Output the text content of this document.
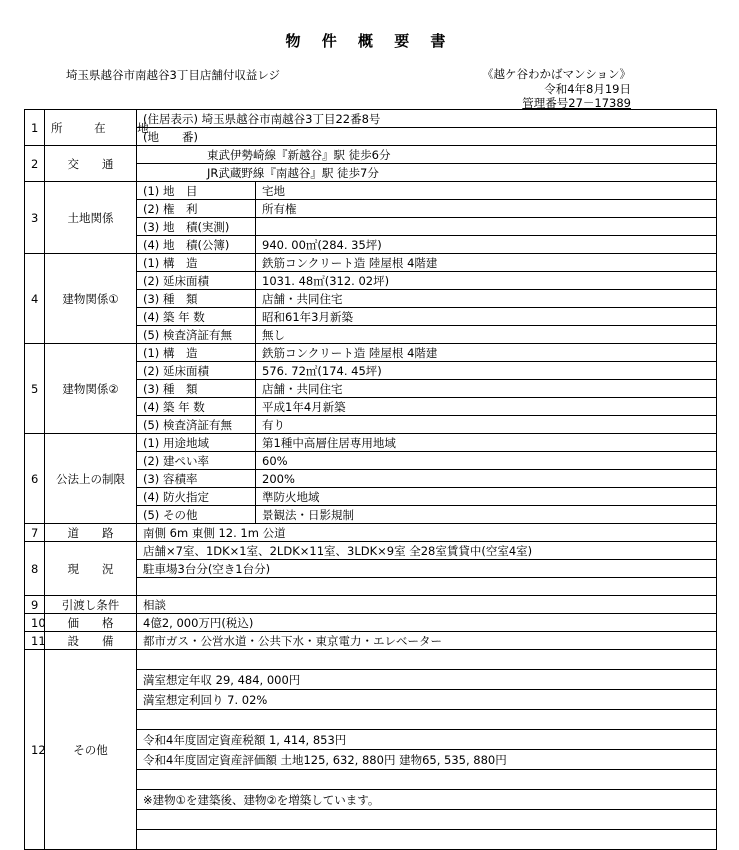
物 件 概 要 書
埼玉県越谷市南越谷3丁目店舗付収益レジ	《越ケ谷わかばマンション》
令和4年8月19日
管理番号27－17389
1	所 在 地	(住居表示) 埼玉県越谷市南越谷3丁目22番8号	
		(地　　番)	
2	交　　通	東武伊勢崎線『新越谷』駅 徒歩6分	
		JR武蔵野線『南越谷』駅 徒歩7分	
3	土地関係	(1) 地　目	宅地
		(2) 権　利	所有権
		(3) 地　積(実測)	
		(4) 地　積(公簿)	940. 00㎡(284. 35坪)
4	建物関係①	(1) 構　造	鉄筋コンクリート造 陸屋根 4階建
		(2) 延床面積	1031. 48㎡(312. 02坪)
		(3) 種　類	店舗・共同住宅
		(4) 築 年 数	昭和61年3月新築
		(5) 検査済証有無	無し
5	建物関係②	(1) 構　造	鉄筋コンクリート造 陸屋根 4階建
		(2) 延床面積	576. 72㎡(174. 45坪)
		(3) 種　類	店舗・共同住宅
		(4) 築 年 数	平成1年4月新築
		(5) 検査済証有無	有り
6	公法上の制限	(1) 用途地域	第1種中高層住居専用地域
		(2) 建ぺい率	60%
		(3) 容積率	200%
		(4) 防火指定	準防火地域
		(5) その他	景観法・日影規制
7	道　　路	南側 6m 東側 12. 1m 公道	
8	現　　況	店舗×7室、1DK×1室、2LDK×11室、3LDK×9室 全28室賃貸中(空室4室)	
		駐車場3台分(空き1台分)	

9	引渡し条件	相談	
10	価　　格	4億2, 000万円(税込)	
11	設　　備	都市ガス・公営水道・公共下水・東京電力・エレベーター	
12	その他		
		満室想定年収 29, 484, 000円	
		満室想定利回り 7. 02%	

		令和4年度固定資産税額 1, 414, 853円	
		令和4年度固定資産評価額 土地125, 632, 880円 建物65, 535, 880円	

		※建物①を建築後、建物②を増築しています。	
